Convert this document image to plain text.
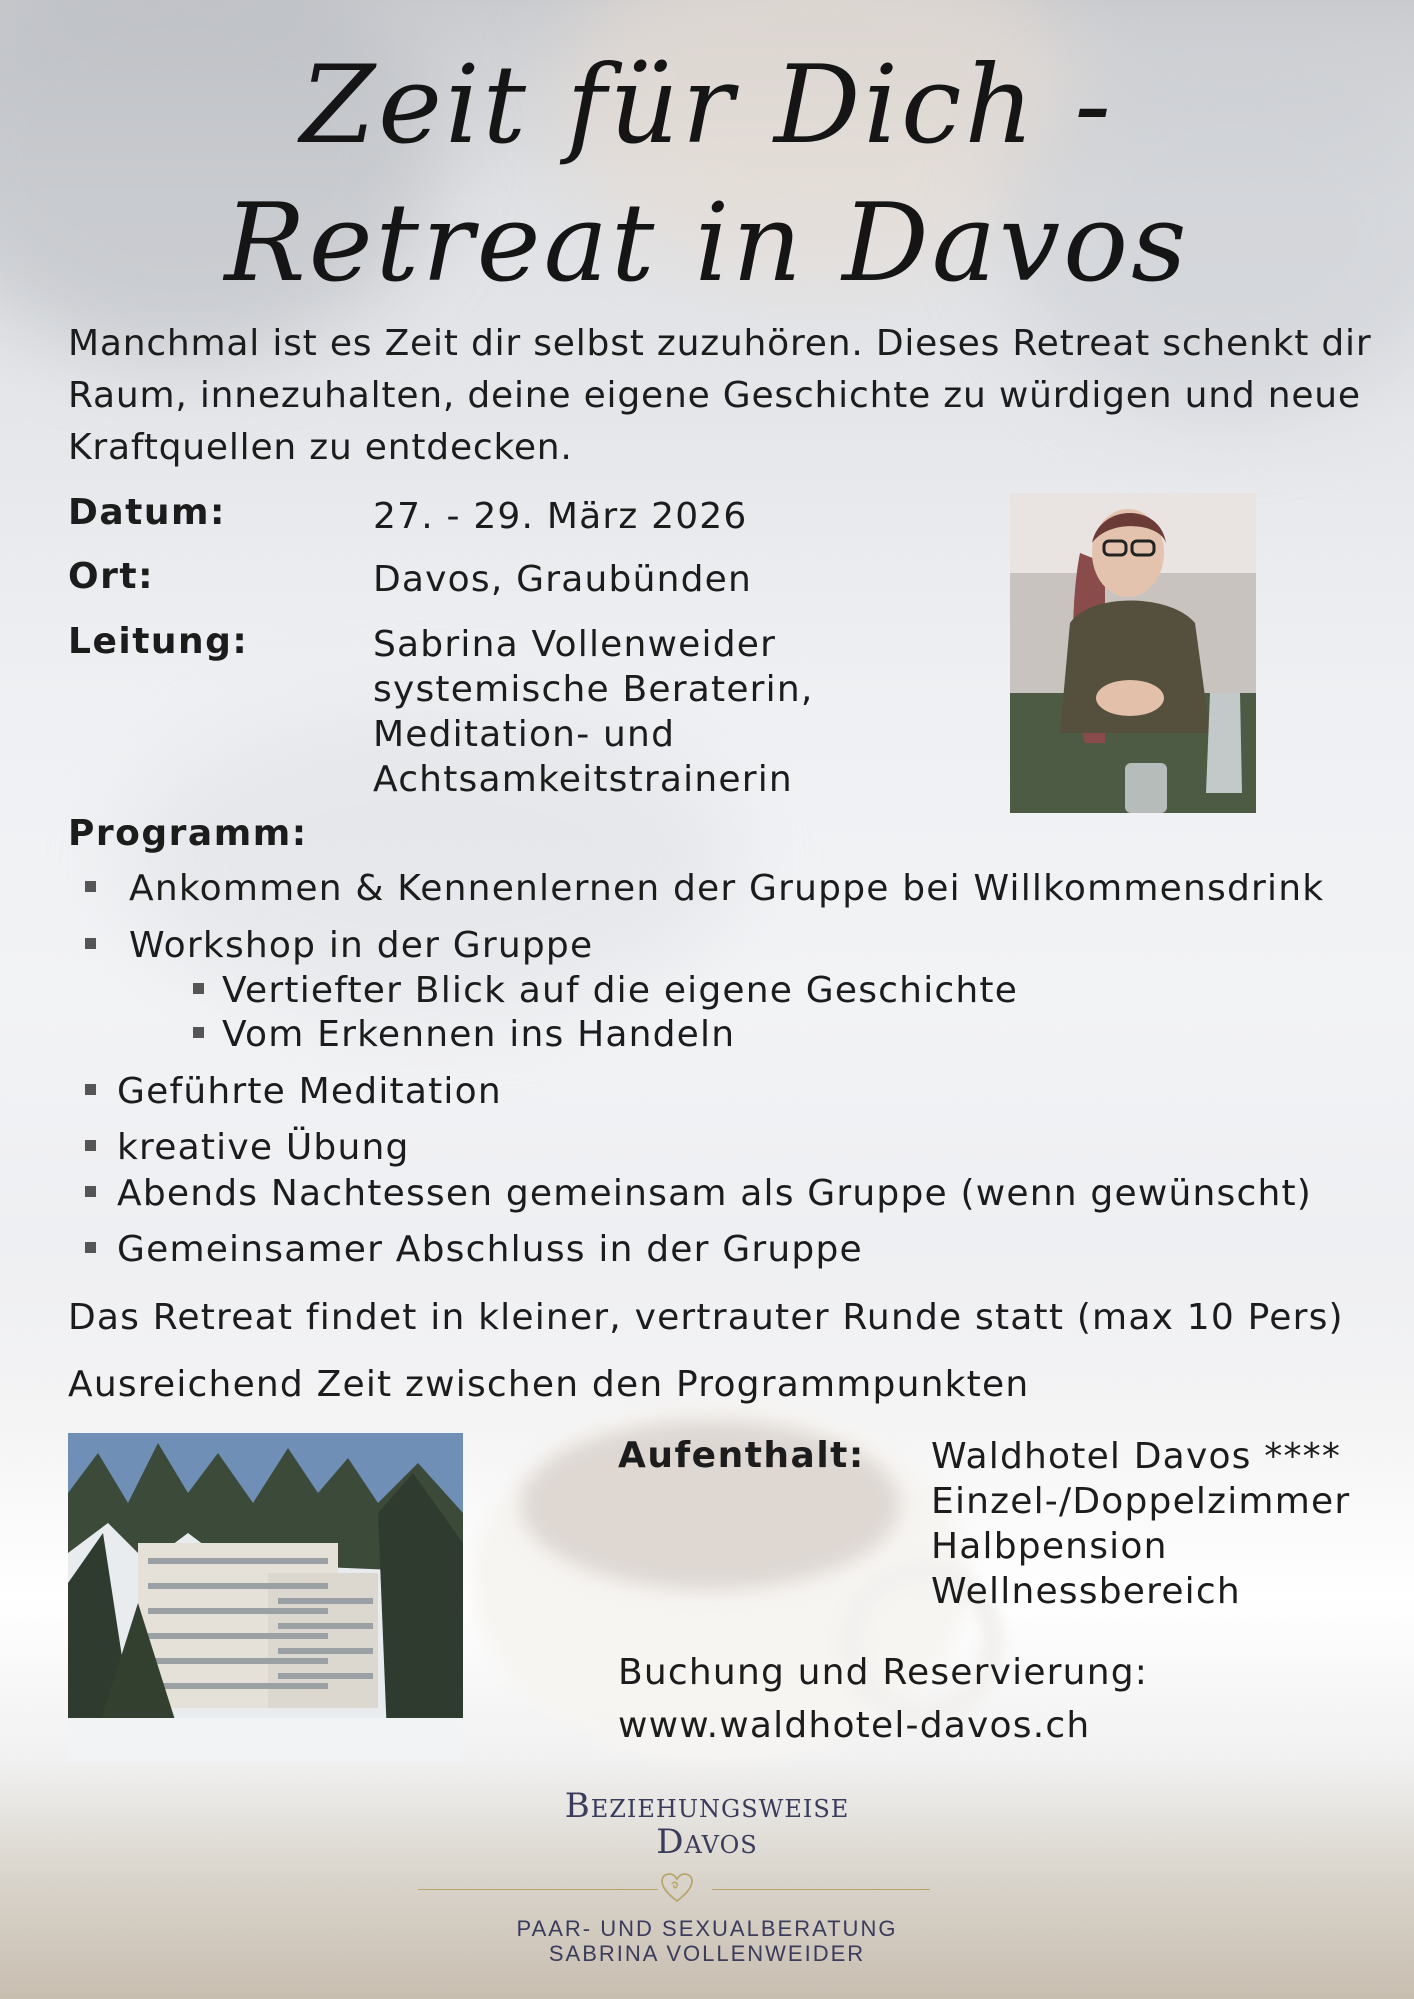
Zeit für Dich -
Retreat in Davos
Manchmal ist es Zeit dir selbst zuzuhören. Dieses Retreat schenkt dir Raum, innezuhalten, deine eigene Geschichte zu würdigen und neue Kraftquellen zu entdecken.
Datum:	27. - 29. März 2026
Ort:	Davos, Graubünden
Leitung:	Sabrina Vollenweider
systemische Beraterin,
Meditation- und
Achtsamkeitstrainerin
Programm:
Ankommen & Kennenlernen der Gruppe bei Willkommensdrink
Workshop in der Gruppe
Vertiefter Blick auf die eigene Geschichte
Vom Erkennen ins Handeln
Geführte Meditation
kreative Übung
Abends Nachtessen gemeinsam als Gruppe (wenn gewünscht)
Gemeinsamer Abschluss in der Gruppe
Das Retreat findet in kleiner, vertrauter Runde statt (max 10 Pers)
Ausreichend Zeit zwischen den Programmpunkten
Aufenthalt: Waldhotel Davos ****
Einzel-/Doppelzimmer
Halbpension
Wellnessbereich
Buchung und Reservierung:
www.waldhotel-davos.ch
Beziehungsweise
Davos
PAAR- UND SEXUALBERATUNG
SABRINA VOLLENWEIDER
